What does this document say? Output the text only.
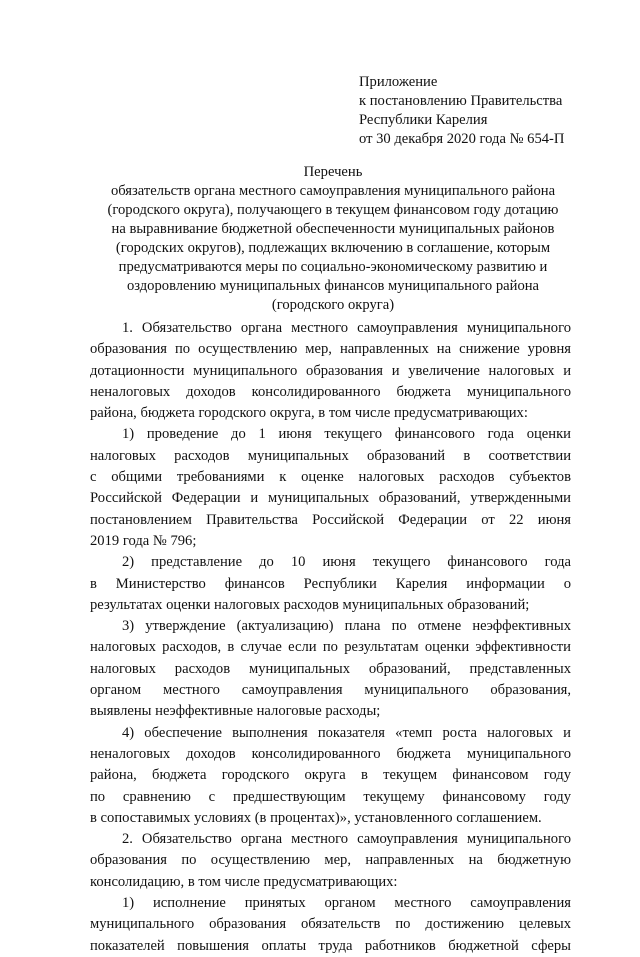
Приложение
к постановлению Правительства
Республики Карелия
от 30 декабря 2020 года № 654-П
Перечень
обязательств органа местного самоуправления муниципального района
(городского округа), получающего в текущем финансовом году дотацию
на выравнивание бюджетной обеспеченности муниципальных районов
(городских округов), подлежащих включению в соглашение, которым
предусматриваются меры по социально-экономическому развитию и
оздоровлению муниципальных финансов муниципального района
(городского округа)
1. Обязательство органа местного самоуправления муниципального
образования по осуществлению мер, направленных на снижение уровня
дотационности муниципального образования и увеличение налоговых и
неналоговых доходов консолидированного бюджета муниципального
района, бюджета городского округа, в том числе предусматривающих:
1) проведение до 1 июня текущего финансового года оценки
налоговых расходов муниципальных образований в соответствии
с общими требованиями к оценке налоговых расходов субъектов
Российской Федерации и муниципальных образований, утвержденными
постановлением Правительства Российской Федерации от 22 июня
2019 года № 796;
2) представление до 10 июня текущего финансового года
в Министерство финансов Республики Карелия информации о
результатах оценки налоговых расходов муниципальных образований;
3) утверждение (актуализацию) плана по отмене неэффективных
налоговых расходов, в случае если по результатам оценки эффективности
налоговых расходов муниципальных образований, представленных
органом местного самоуправления муниципального образования,
выявлены неэффективные налоговые расходы;
4) обеспечение выполнения показателя «темп роста налоговых и
неналоговых доходов консолидированного бюджета муниципального
района, бюджета городского округа в текущем финансовом году
по сравнению с предшествующим текущему финансовому году
в сопоставимых условиях (в процентах)», установленного соглашением.
2. Обязательство органа местного самоуправления муниципального
образования по осуществлению мер, направленных на бюджетную
консолидацию, в том числе предусматривающих:
1) исполнение принятых органом местного самоуправления
муниципального образования обязательств по достижению целевых
показателей повышения оплаты труда работников бюджетной сферы
